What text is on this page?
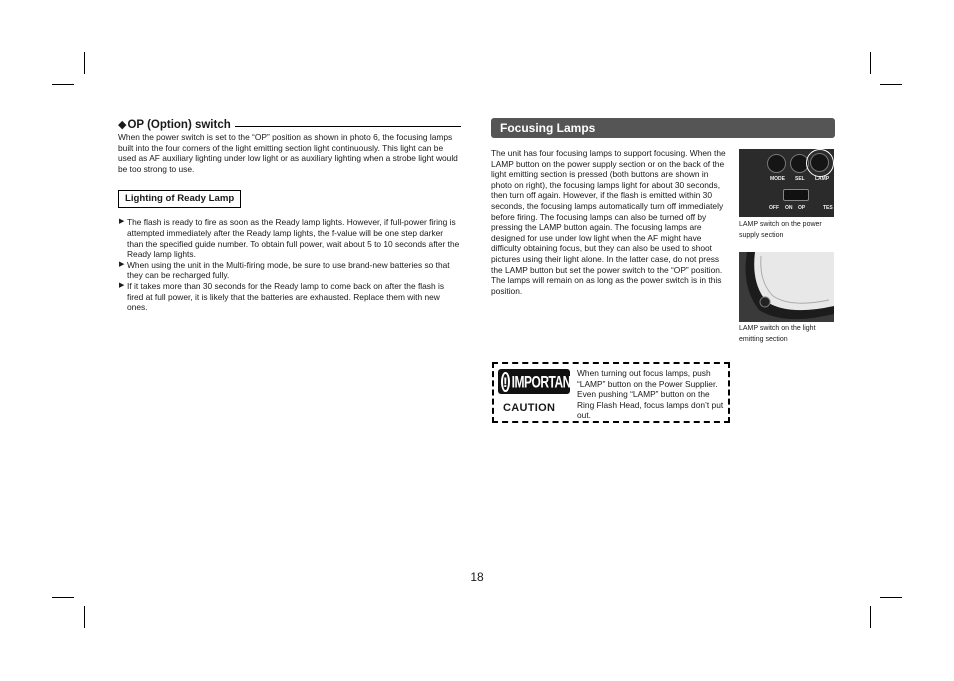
◆ OP (Option) switch

When the power switch is set to the “OP” position as shown in photo 6, the focusing lamps built into the four corners of the light emitting section light continuously. This light can be used as AF auxiliary lighting under low light or as auxiliary lighting when a strobe light would be too strong to use.

Lighting of Ready Lamp
▶ The flash is ready to fire as soon as the Ready lamp lights. However, if full-power firing is attempted immediately after the Ready lamp lights, the f-value will be one step darker than the specified guide number. To obtain full power, wait about 5 to 10 seconds after the Ready lamp lights.
▶ When using the unit in the Multi-firing mode, be sure to use brand-new batteries so that they can be recharged fully.
▶ If it takes more than 30 seconds for the Ready lamp to come back on after the flash is fired at full power, it is likely that the batteries are exhausted. Replace them with new ones.
Focusing Lamps
The unit has four focusing lamps to support focusing. When the LAMP button on the power supply section or on the back of the light emitting section is pressed (both buttons are shown in photo on right), the focusing lamps light for about 30 seconds, then turn off again. However, if the flash is emitted within 30 seconds, the focusing lamps automatically turn off immediately before firing. The focusing lamps can also be turned off by pressing the LAMP button again. The focusing lamps are designed for use under low light when the AF might have difficulty obtaining focus, but they can also be used to shoot pictures using their light alone. In the latter case, do not press the LAMP button but set the power switch to the “OP” position. The lamps will remain on as long as the power switch is in this position.
MODE SEL LAMP
OFF ON OP	TES
LAMP switch on the power supply section
LAMP switch on the light emitting section
! IMPORTANT
CAUTION
When turning out focus lamps, push “LAMP” button on the Power Supplier. Even pushing “LAMP” button on the Ring Flash Head, focus lamps don’t put out.
18
